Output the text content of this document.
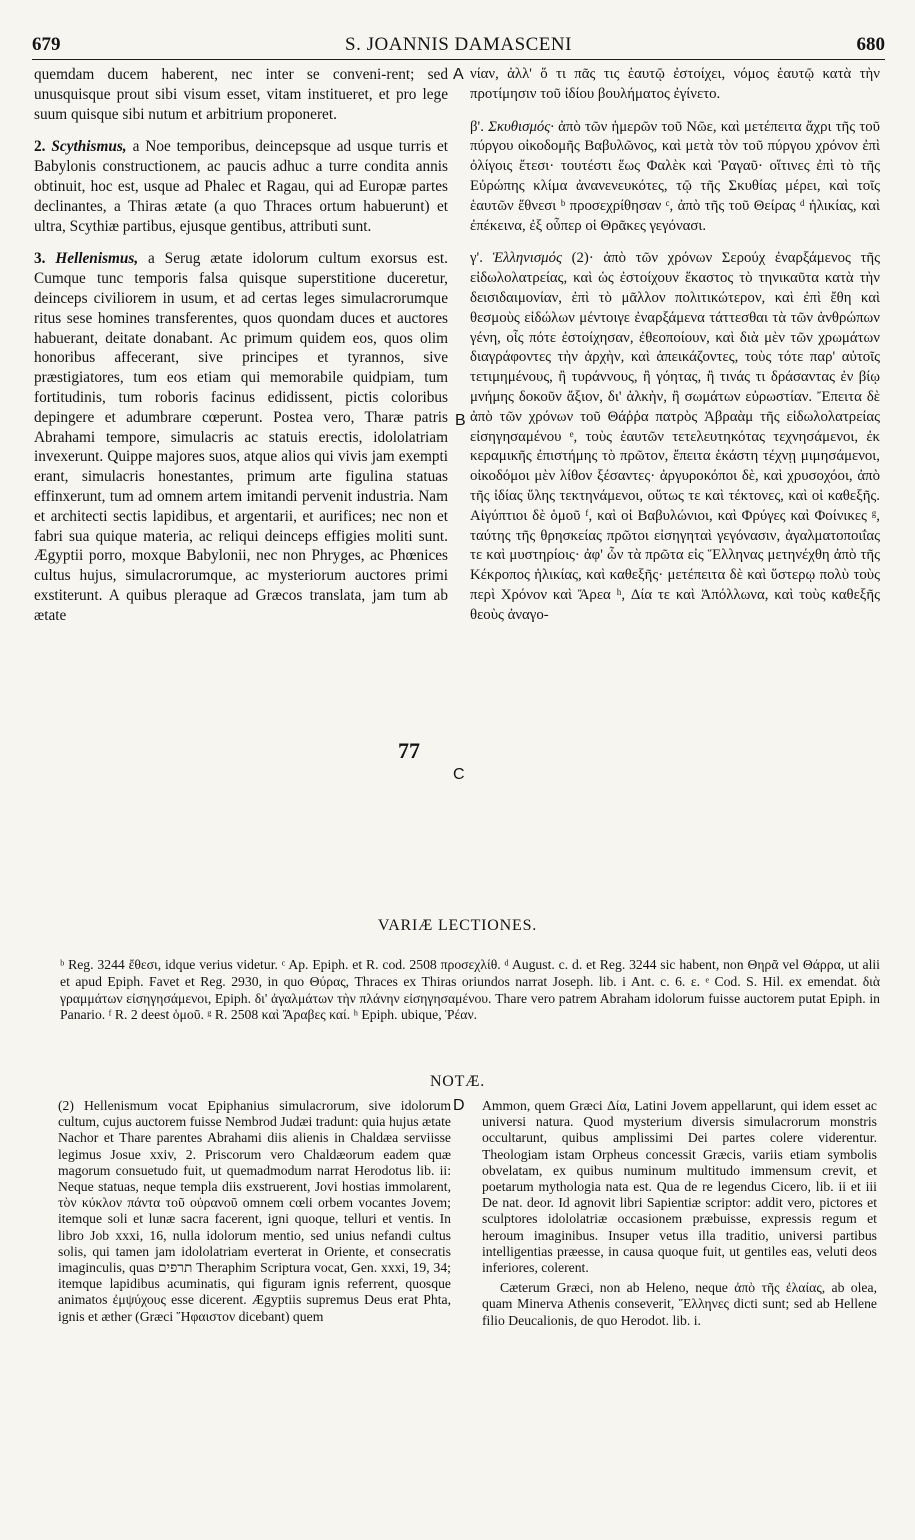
679	S. JOANNIS DAMASCENI	680

quemdam ducem haberent, nec inter se conveni-rent; sed unusquisque prout sibi visum esset, vitam institueret, et pro lege suum quisque sibi nutum et arbitrium proponeret.

2. Scythismus, a Noe temporibus, deincepsque ad usque turris et Babylonis constructionem, ac paucis adhuc a turre condita annis obtinuit, hoc est, usque ad Phalec et Ragau, qui ad Europæ partes declinantes, a Thiras ætate (a quo Thraces ortum habuerunt) et ultra, Scythiæ partibus, ejusque gentibus, attributi sunt.

3. Hellenismus, a Serug ætate idolorum cultum exorsus est. Cumque tunc temporis falsa quisque superstitione duceretur, deinceps civiliorem in usum, et ad certas leges simulacrorumque ritus sese homines transferentes, quos quondam duces et auctores habuerant, deitate donabant. Ac primum quidem eos, quos olim honoribus affecerant, sive principes et tyrannos, sive præstigiatores, tum eos etiam qui memorabile quidpiam, tum fortitudinis, tum roboris facinus edidissent, pictis coloribus depingere et adumbrare cœperunt. Postea vero, Tharæ patris Abrahami tempore, simulacris ac statuis erectis, idololatriam invexerunt. Quippe majores suos, atque alios qui vivis jam exempti erant, simulacris honestantes, primum arte figulina statuas effinxerunt, tum ad omnem artem imitandi pervenit industria. Nam et architecti sectis lapidibus, et argentarii, et aurifices; nec non et fabri sua quique materia, ac reliqui deinceps effigies moliti sunt. Ægyptii porro, moxque Babylonii, nec non Phryges, ac Phœnices cultus hujus, simulacrorumque, ac mysteriorum auctores primi exstiterunt. A quibus pleraque ad Græcos translata, jam tum ab ætate

A
B
C
D
77

νίαν, ἀλλ' ὅ τι πᾶς τις ἑαυτῷ ἐστοίχει, νόμος ἑαυτῷ κατὰ τὴν προτίμησιν τοῦ ἰδίου βουλήματος ἐγίνετο.

β'. Σκυθισμός· ἀπὸ τῶν ἡμερῶν τοῦ Νῶε, καὶ μετέπειτα ἄχρι τῆς τοῦ πύργου οἰκοδομῆς Βαβυλῶνος, καὶ μετὰ τὸν τοῦ πύργου χρόνον ἐπὶ ὀλίγοις ἔτεσι· τουτέστι ἕως Φαλὲκ καὶ Ῥαγαῦ· οἵτινες ἐπὶ τὸ τῆς Εὐρώπης κλίμα ἀνανενευκότες, τῷ τῆς Σκυθίας μέρει, καὶ τοῖς ἑαυτῶν ἔθνεσι ᵇ προσεχρίθησαν ᶜ, ἀπὸ τῆς τοῦ Θείρας ᵈ ἡλικίας, καὶ ἐπέκεινα, ἐξ οὗπερ οἱ Θρᾶκες γεγόνασι.

γ'. Ἑλληνισμός (2)· ἀπὸ τῶν χρόνων Σερούχ ἐναρξάμενος τῆς εἰδωλολατρείας, καὶ ὡς ἐστοίχουν ἕκαστος τὸ τηνικαῦτα κατὰ τὴν δεισιδαιμονίαν, ἐπὶ τὸ μᾶλλον πολιτικώτερον, καὶ ἐπὶ ἔθη καὶ θεσμοὺς εἰδώλων μέντοιγε ἐναρξάμενα τάττεσθαι τὰ τῶν ἀνθρώπων γένη, οἷς πότε ἐστοίχησαν, ἐθεοποίουν, καὶ διὰ μὲν τῶν χρωμάτων διαγράφοντες τὴν ἀρχὴν, καὶ ἀπεικάζοντες, τοὺς τότε παρ' αὐτοῖς τετιμημένους, ἢ τυράννους, ἢ γόητας, ἢ τινάς τι δράσαντας ἐν βίῳ μνήμης δοκοῦν ἄξιον, δι' ἀλκὴν, ἢ σωμάτων εὐρωστίαν. Ἔπειτα δὲ ἀπὸ τῶν χρόνων τοῦ Θάῤῥα πατρὸς Ἀβραὰμ τῆς εἰδωλολατρείας εἰσηγησαμένου ᵉ, τοὺς ἑαυτῶν τετελευτηκότας τεχνησάμενοι, ἐκ κεραμικῆς ἐπιστήμης τὸ πρῶτον, ἔπειτα ἑκάστη τέχνῃ μιμησάμενοι, οἰκοδόμοι μὲν λίθον ξέσαντες· ἀργυροκόποι δὲ, καὶ χρυσοχόοι, ἀπὸ τῆς ἰδίας ὕλης τεκτηνάμενοι, οὕτως τε καὶ τέκτονες, καὶ οἱ καθεξῆς. Αἰγύπτιοι δὲ ὁμοῦ ᶠ, καὶ οἱ Βαβυλώνιοι, καὶ Φρύγες καὶ Φοίνικες ᵍ, ταύτης τῆς θρησκείας πρῶτοι εἰσηγηταὶ γεγόνασιν, ἀγαλματοποιΐας τε καὶ μυστηρίοις· ἀφ' ὧν τὰ πρῶτα εἰς Ἕλληνας μετηνέχθη ἀπὸ τῆς Κέκροπος ἡλικίας, καὶ καθεξῆς· μετέπειτα δὲ καὶ ὕστερῳ πολὺ τοὺς περὶ Χρόνον καὶ Ἄρεα ʰ, Δία τε καὶ Ἀπόλλωνα, καὶ τοὺς καθεξῆς θεοὺς ἀναγο-

VARIÆ LECTIONES.

ᵇ Reg. 3244 ἔθεσι, idque verius videtur. ᶜ Ap. Epiph. et R. cod. 2508 προσεχλίθ. ᵈ August. c. d. et Reg. 3244 sic habent, non Θηρᾶ vel Θάρρα, ut alii et apud Epiph. Favet et Reg. 2930, in quo Θύρας, Thraces ex Thiras oriundos narrat Joseph. lib. i Ant. c. 6. ε. ᵉ Cod. S. Hil. ex emendat. διὰ γραμμάτων εἰσηγησάμενοι, Epiph. δι' ἀγαλμάτων τὴν πλάνην εἰσηγησαμένου. Thare vero patrem Abraham idolorum fuisse auctorem putat Epiph. in Panario. ᶠ R. 2 deest ὁμοῦ. ᵍ R. 2508 καὶ Ἄραβες καί. ʰ Epiph. ubique, Ῥέαν.

NOTÆ.

(2) Hellenismum vocat Epiphanius simulacrorum, sive idolorum cultum, cujus auctorem fuisse Nembrod Judæi tradunt: quia hujus ætate Nachor et Thare parentes Abrahami diis alienis in Chaldæa serviisse legimus Josue xxiv, 2. Priscorum vero Chaldæorum eadem quæ magorum consuetudo fuit, ut quemadmodum narrat Herodotus lib. ii: Neque statuas, neque templa diis exstruerent, Jovi hostias immolarent, τὸν κύκλον πάντα τοῦ οὐρανοῦ omnem cœli orbem vocantes Jovem; itemque soli et lunæ sacra facerent, igni quoque, telluri et ventis. In libro Job xxxi, 16, nulla idolorum mentio, sed unius nefandi cultus solis, qui tamen jam idololatriam everterat in Oriente, et consecratis imaginculis, quas תרפים Theraphim Scriptura vocat, Gen. xxxi, 19, 34; itemque lapidibus acuminatis, qui figuram ignis referrent, quosque animatos ἐμψύχους esse dicerent. Ægyptiis supremus Deus erat Phta, ignis et æther (Græci Ἥφαιστον dicebant) quem

Ammon, quem Græci Δία, Latini Jovem appellarunt, qui idem esset ac universi natura. Quod mysterium diversis simulacrorum monstris occultarunt, quibus amplissimi Dei partes colere viderentur. Theologiam istam Orpheus concessit Græcis, variis etiam symbolis obvelatam, ex quibus numinum multitudo immensum crevit, et poetarum mythologia nata est. Qua de re legendus Cicero, lib. ii et iii De nat. deor. Id agnovit libri Sapientiæ scriptor: addit vero, pictores et sculptores idololatriæ occasionem præbuisse, expressis regum et heroum imaginibus. Insuper vetus illa traditio, universi partibus intelligentias præesse, in causa quoque fuit, ut gentiles eas, veluti deos inferiores, colerent.

Cæterum Græci, non ab Heleno, neque ἀπὸ τῆς ἐλαίας, ab olea, quam Minerva Athenis conseverit, Ἕλληνες dicti sunt; sed ab Hellene filio Deucalionis, de quo Herodot. lib. i.
